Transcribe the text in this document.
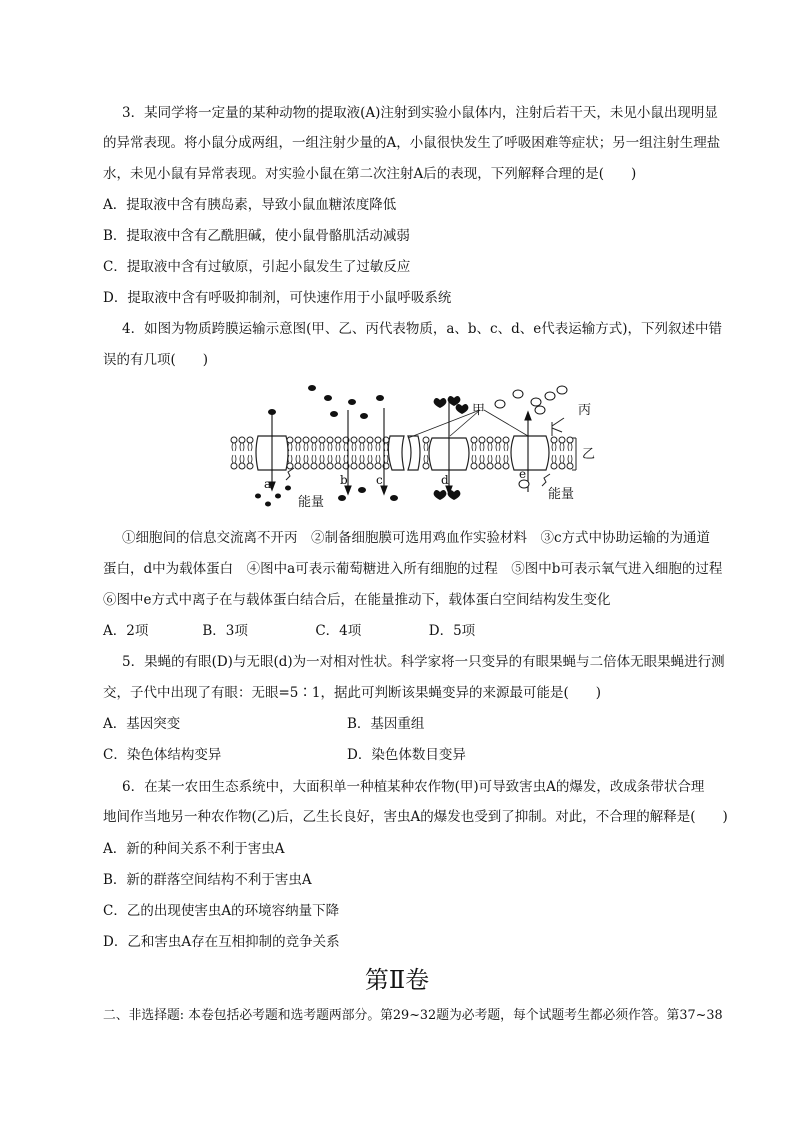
3．某同学将一定量的某种动物的提取液(A)注射到实验小鼠体内，注射后若干天，未见小鼠出现明显
的异常表现。将小鼠分成两组，一组注射少量的A，小鼠很快发生了呼吸困难等症状；另一组注射生理盐
水，未见小鼠有异常表现。对实验小鼠在第二次注射A后的表现，下列解释合理的是(　　)
A．提取液中含有胰岛素，导致小鼠血糖浓度降低
B．提取液中含有乙酰胆碱，使小鼠骨骼肌活动减弱
C．提取液中含有过敏原，引起小鼠发生了过敏反应
D．提取液中含有呼吸抑制剂，可快速作用于小鼠呼吸系统
4．如图为物质跨膜运输示意图(甲、乙、丙代表物质，a、b、c、d、e代表运输方式)，下列叙述中错
误的有几项(　　)
a	b c	d	e
甲	丙
乙
能量
能量
①细胞间的信息交流离不开丙　②制备细胞膜可选用鸡血作实验材料　③c方式中协助运输的为通道
蛋白，d中为载体蛋白　④图中a可表示葡萄糖进入所有细胞的过程　⑤图中b可表示氧气进入细胞的过程
⑥图中e方式中离子在与载体蛋白结合后，在能量推动下，载体蛋白空间结构发生变化
A．2项　　　　B．3项　　　　　C．4项　　　　　D．5项
5．果蝇的有眼(D)与无眼(d)为一对相对性状。科学家将一只变异的有眼果蝇与二倍体无眼果蝇进行测
交，子代中出现了有眼：无眼=5∶1，据此可判断该果蝇变异的来源最可能是(　　)
A．基因突变	B．基因重组
C．染色体结构变异	D．染色体数目变异
6．在某一农田生态系统中，大面积单一种植某种农作物(甲)可导致害虫A的爆发，改成条带状合理
地间作当地另一种农作物(乙)后，乙生长良好，害虫A的爆发也受到了抑制。对此，不合理的解释是(　　)
A．新的种间关系不利于害虫A
B．新的群落空间结构不利于害虫A
C．乙的出现使害虫A的环境容纳量下降
D．乙和害虫A存在互相抑制的竞争关系
第Ⅱ卷
二、非选择题: 本卷包括必考题和选考题两部分。第29~32题为必考题，每个试题考生都必须作答。第37~38
